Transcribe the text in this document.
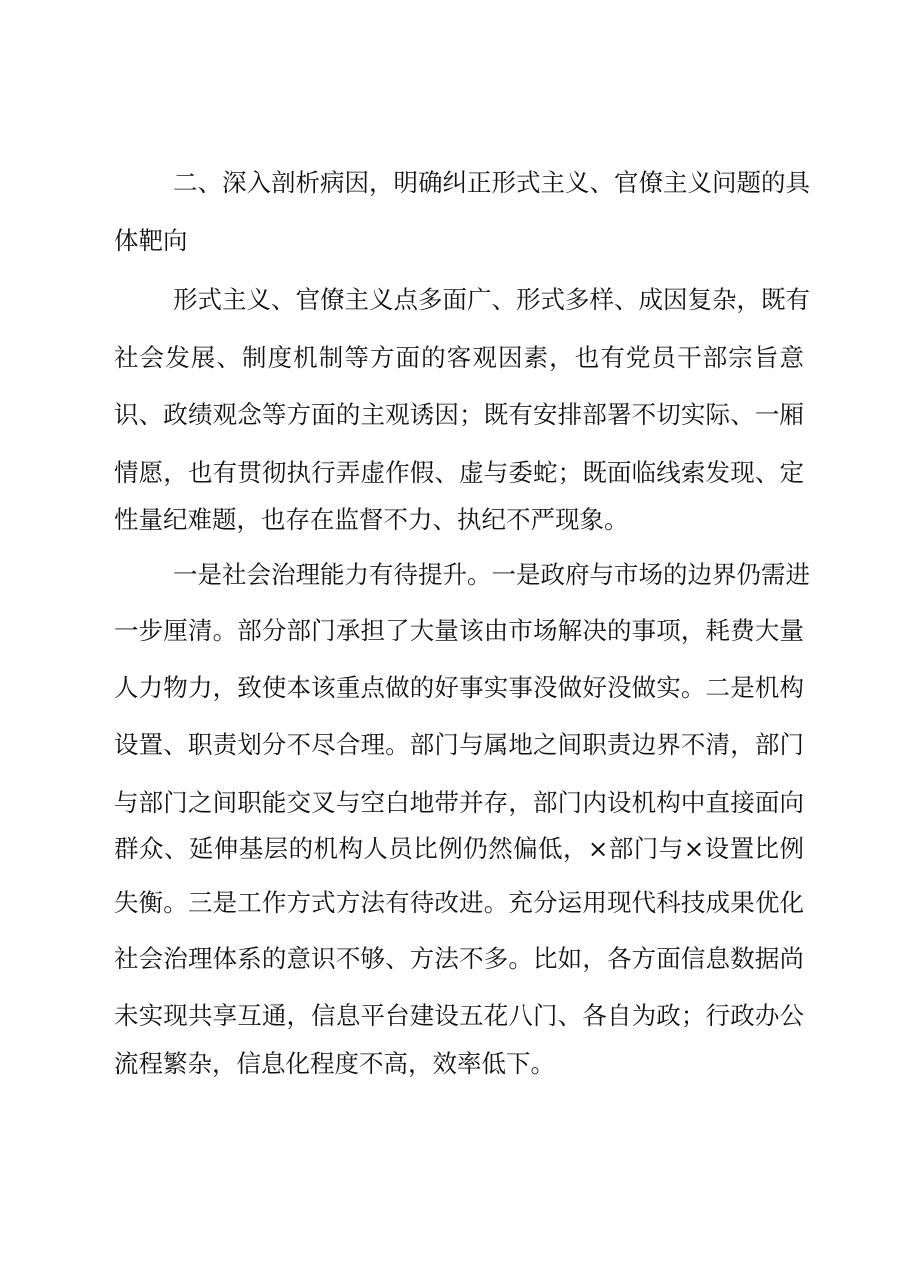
二、深入剖析病因，明确纠正形式主义、官僚主义问题的具
体靶向
形式主义、官僚主义点多面广、形式多样、成因复杂，既有
社会发展、制度机制等方面的客观因素，也有党员干部宗旨意
识、政绩观念等方面的主观诱因；既有安排部署不切实际、一厢
情愿，也有贯彻执行弄虚作假、虚与委蛇；既面临线索发现、定
性量纪难题，也存在监督不力、执纪不严现象。
一是社会治理能力有待提升。一是政府与市场的边界仍需进
一步厘清。部分部门承担了大量该由市场解决的事项，耗费大量
人力物力，致使本该重点做的好事实事没做好没做实。二是机构
设置、职责划分不尽合理。部门与属地之间职责边界不清，部门
与部门之间职能交叉与空白地带并存，部门内设机构中直接面向
群众、延伸基层的机构人员比例仍然偏低，×部门与×设置比例
失衡。三是工作方式方法有待改进。充分运用现代科技成果优化
社会治理体系的意识不够、方法不多。比如，各方面信息数据尚
未实现共享互通，信息平台建设五花八门、各自为政；行政办公
流程繁杂，信息化程度不高，效率低下。
